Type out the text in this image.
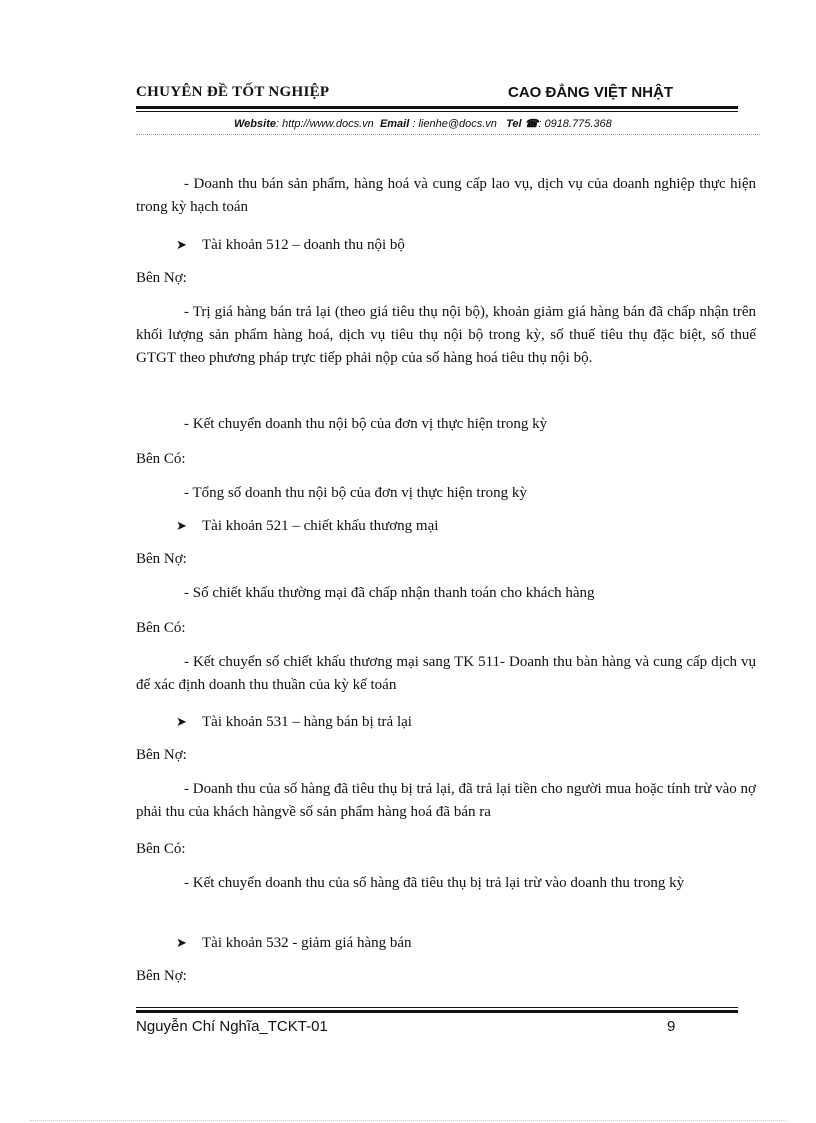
CHUYÊN ĐỀ TỐT NGHIỆP	CAO ĐẲNG VIỆT NHẬT
Website: http://www.docs.vn Email : lienhe@docs.vn Tel ☎: 0918.775.368
- Doanh thu bán sản phẩm, hàng hoá và cung cấp lao vụ, dịch vụ của doanh nghiệp thực hiện trong kỳ hạch toán
➤ Tài khoản 512 – doanh thu nội bộ
Bên Nợ:
- Trị giá hàng bán trả lại (theo giá tiêu thụ nội bộ), khoản giảm giá hàng bán đã chấp nhận trên khối lượng sản phẩm hàng hoá, dịch vụ tiêu thụ nội bộ trong kỳ, số thuế tiêu thụ đặc biệt, số thuế GTGT theo phương pháp trực tiếp phải nộp của số hàng hoá tiêu thụ nội bộ.
- Kết chuyển doanh thu nội bộ của đơn vị thực hiện trong kỳ
Bên Có:
- Tổng số doanh thu nội bộ của đơn vị thực hiện trong kỳ
➤ Tài khoản 521 – chiết khấu thương mại
Bên Nợ:
- Số chiết khấu thường mại đã chấp nhận thanh toán cho khách hàng
Bên Có:
- Kết chuyển số chiết khấu thương mại sang TK 511- Doanh thu bàn hàng và cung cấp dịch vụ để xác định doanh thu thuần của kỳ kế toán
➤ Tài khoản 531 – hàng bán bị trả lại
Bên Nợ:
- Doanh thu của số hàng đã tiêu thụ bị trả lại, đã trả lại tiền cho người mua hoặc tính trừ vào nợ phải thu của khách hàngvề số sản phẩm hàng hoá đã bán ra
Bên Có:
- Kết chuyển doanh thu của số hàng đã tiêu thụ bị trả lại trừ vào doanh thu trong kỳ
➤ Tài khoản 532 - giảm giá hàng bán
Bên Nợ:
Nguyễn Chí Nghĩa_TCKT-01	9
